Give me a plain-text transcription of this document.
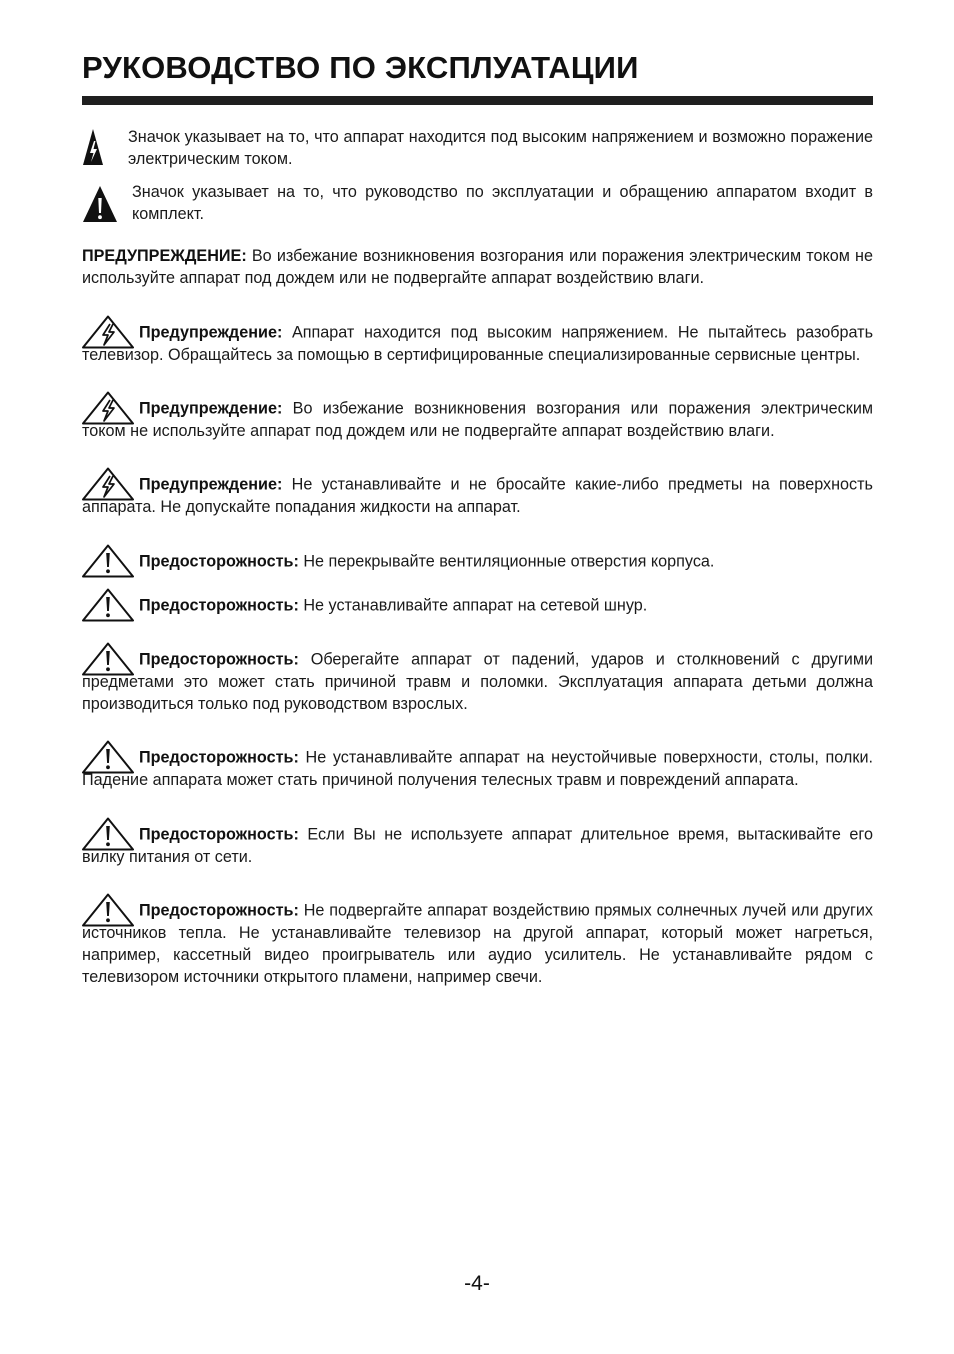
РУКОВОДСТВО ПО ЭКСПЛУАТАЦИИ
Значок указывает на то, что аппарат находится под высоким напряжением и возможно поражение электрическим током.
Значок указывает на то, что руководство по эксплуатации и обращению аппаратом входит в комплект.

ПРЕДУПРЕЖДЕНИЕ: Во избежание возникновения возгорания или поражения электрическим током не используйте аппарат под дождем или не подвергайте аппарат воздействию влаги.

Предупреждение: Аппарат находится под высоким напряжением. Не пытайтесь разобрать телевизор. Обращайтесь за помощью в сертифицированные специализированные сервисные центры.

Предупреждение: Во избежание возникновения возгорания или поражения электрическим током не используйте аппарат под дождем или не подвергайте аппарат воздействию влаги.

Предупреждение: Не устанавливайте и не бросайте какие-либо предметы на поверхность аппарата. Не допускайте попадания жидкости на аппарат.

Предосторожность: Не перекрывайте вентиляционные отверстия корпуса.

Предосторожность: Не устанавливайте аппарат на сетевой шнур.

Предосторожность: Оберегайте аппарат от падений, ударов и столкновений с другими предметами это может стать причиной травм и поломки. Эксплуатация аппарата детьми должна производиться только под руководством взрослых.

Предосторожность: Не устанавливайте аппарат на неустойчивые поверхности, столы, полки. Падение аппарата может стать причиной получения телесных травм и повреждений аппарата.

Предосторожность: Если Вы не используете аппарат длительное время, вытаскивайте его вилку питания от сети.

Предосторожность: Не подвергайте аппарат воздействию прямых солнечных лучей или других источников тепла. Не устанавливайте телевизор на другой аппарат, который может нагреться, например, кассетный видео проигрыватель или аудио усилитель. Не устанавливайте рядом с телевизором источники открытого пламени, например свечи.

-4-
